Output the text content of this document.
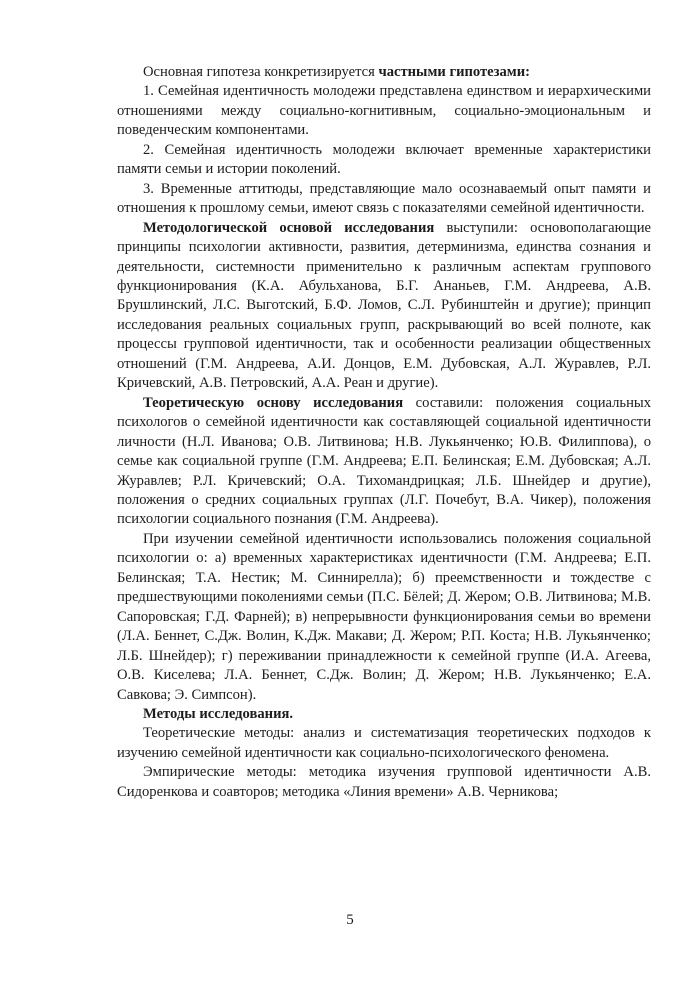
Основная гипотеза конкретизируется частными гипотезами:

1. Семейная идентичность молодежи представлена единством и иерархическими отношениями между социально-когнитивным, социально-эмоциональным и поведенческим компонентами.

2. Семейная идентичность молодежи включает временные характеристики памяти семьи и истории поколений.

3. Временные аттитюды, представляющие мало осознаваемый опыт памяти и отношения к прошлому семьи, имеют связь с показателями семейной идентичности.

Методологической основой исследования выступили: основополагающие принципы психологии активности, развития, детерминизма, единства сознания и деятельности, системности применительно к различным аспектам группового функционирования (К.А. Абульханова, Б.Г. Ананьев, Г.М. Андреева, А.В. Брушлинский, Л.С. Выготский, Б.Ф. Ломов, С.Л. Рубинштейн и другие); принцип исследования реальных социальных групп, раскрывающий во всей полноте, как процессы групповой идентичности, так и особенности реализации общественных отношений (Г.М. Андреева, А.И. Донцов, Е.М. Дубовская, А.Л. Журавлев, Р.Л. Кричевский, А.В. Петровский, А.А. Реан и другие).

Теоретическую основу исследования составили: положения социальных психологов о семейной идентичности как составляющей социальной идентичности личности (Н.Л. Иванова; О.В. Литвинова; Н.В. Лукьянченко; Ю.В. Филиппова), о семье как социальной группе (Г.М. Андреева; Е.П. Белинская; Е.М. Дубовская; А.Л. Журавлев; Р.Л. Кричевский; О.А. Тихомандрицкая; Л.Б. Шнейдер и другие), положения о средних социальных группах (Л.Г. Почебут, В.А. Чикер), положения психологии социального познания (Г.М. Андреева).

При изучении семейной идентичности использовались положения социальной психологии о: а) временных характеристиках идентичности (Г.М. Андреева; Е.П. Белинская; Т.А. Нестик; М. Синнирелла); б) преемственности и тождестве с предшествующими поколениями семьи (П.С. Бёлей; Д. Жером; О.В. Литвинова; М.В. Сапоровская; Г.Д. Фарней); в) непрерывности функционирования семьи во времени (Л.А. Беннет, С.Дж. Волин, К.Дж. Макави; Д. Жером; Р.П. Коста; Н.В. Лукьянченко; Л.Б. Шнейдер); г) переживании принадлежности к семейной группе (И.А. Агеева, О.В. Киселева; Л.А. Беннет, С.Дж. Волин; Д. Жером; Н.В. Лукьянченко; Е.А. Савкова; Э. Симпсон).

Методы исследования.

Теоретические методы: анализ и систематизация теоретических подходов к изучению семейной идентичности как социально-психологического феномена.

Эмпирические методы: методика изучения групповой идентичности А.В. Сидоренкова и соавторов; методика «Линия времени» А.В. Черникова;

5
